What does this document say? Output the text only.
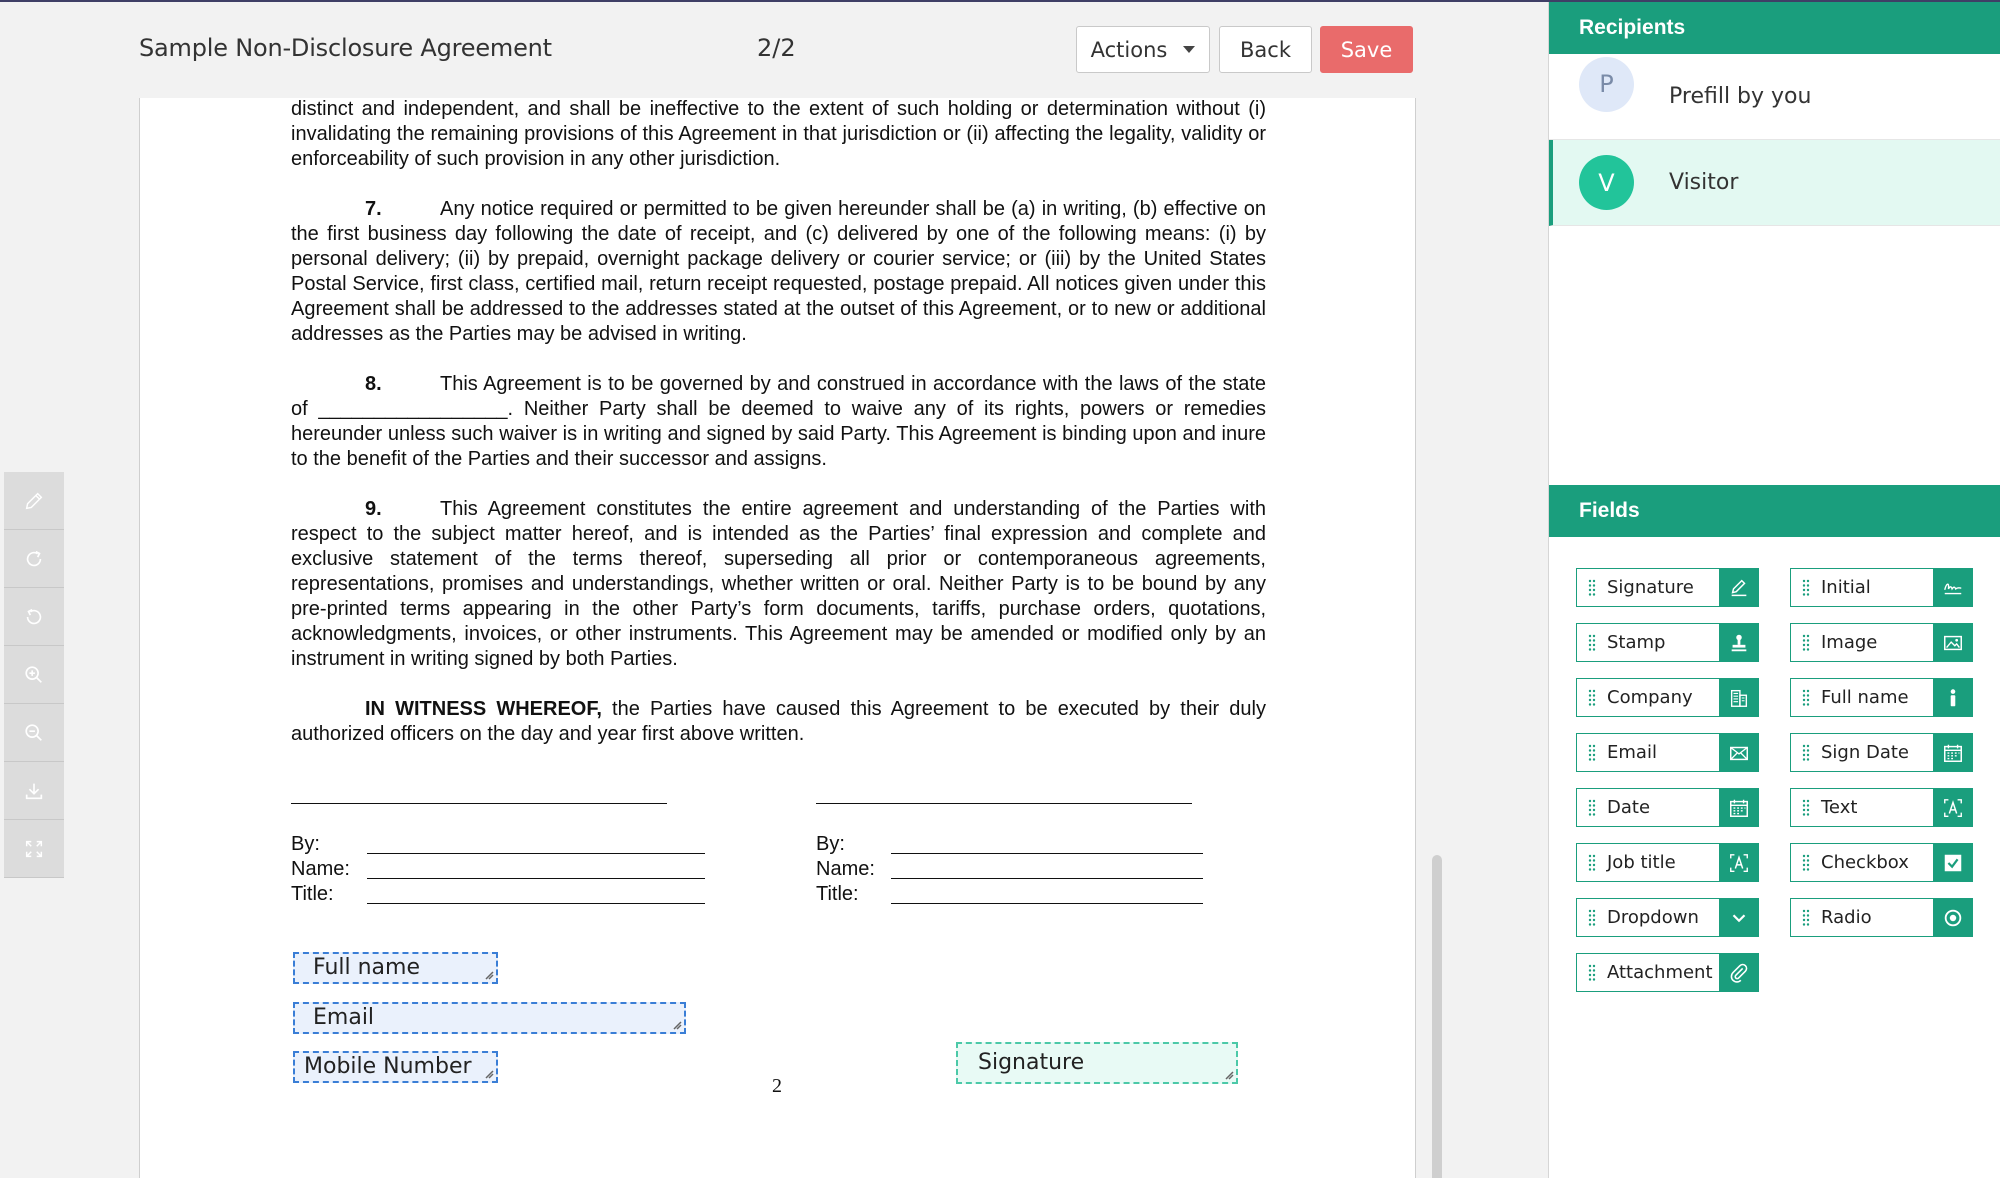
Sample Non-Disclosure Agreement	2/2	Actions	Back	Save

distinct and independent, and shall be ineffective to the extent of such holding or determination without (i) invalidating the remaining provisions of this Agreement in that jurisdiction or (ii) affecting the legality, validity or enforceability of such provision in any other jurisdiction.

7.	Any notice required or permitted to be given hereunder shall be (a) in writing, (b) effective on the first business day following the date of receipt, and (c) delivered by one of the following means: (i) by personal delivery; (ii) by prepaid, overnight package delivery or courier service; or (iii) by the United States Postal Service, first class, certified mail, return receipt requested, postage prepaid. All notices given under this Agreement shall be addressed to the addresses stated at the outset of this Agreement, or to new or additional addresses as the Parties may be advised in writing.

8.	This Agreement is to be governed by and construed in accordance with the laws of the state of _________________. Neither Party shall be deemed to waive any of its rights, powers or remedies hereunder unless such waiver is in writing and signed by said Party. This Agreement is binding upon and inure to the benefit of the Parties and their successor and assigns.

9.	This Agreement constitutes the entire agreement and understanding of the Parties with respect to the subject matter hereof, and is intended as the Parties’ final expression and complete and exclusive statement of the terms thereof, superseding all prior or contemporaneous agreements, representations, promises and understandings, whether written or oral. Neither Party is to be bound by any pre-printed terms appearing in the other Party’s form documents, tariffs, purchase orders, quotations, acknowledgments, invoices, or other instruments. This Agreement may be amended or modified only by an instrument in writing signed by both Parties.

IN WITNESS WHEREOF, the Parties have caused this Agreement to be executed by their duly authorized officers on the day and year first above written.

By:
Name:
Title:
By:
Name:
Title:
Full name
Email
Mobile Number	Signature
2
Recipients
P	Prefill by you
V	Visitor
Fields
Signature	Initial
Stamp	Image
Company	Full name
Email	Sign Date
Date	Text
Job title	Checkbox
Dropdown	Radio
Attachment
